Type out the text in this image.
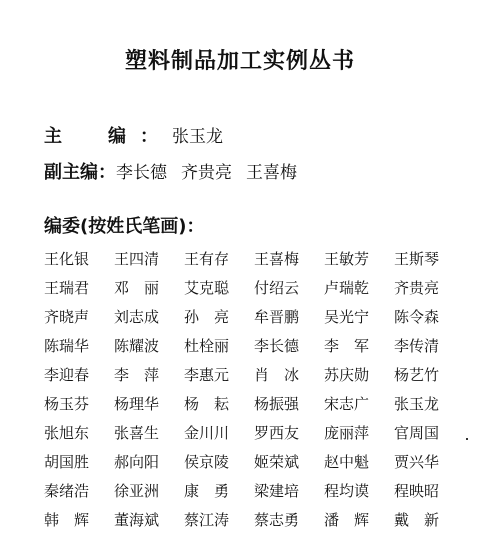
塑料制品加工实例丛书
主　编：张玉龙
副主编：李长德 齐贵亮 王喜梅
编委(按姓氏笔画)：
王化银	王四清	王有存	王喜梅	王敏芳	王斯琴
王瑞君	邓　丽	艾克聪	付绍云	卢瑞乾	齐贵亮
齐晓声	刘志成	孙　亮	牟晋鹏	吴光宁	陈令森
陈瑞华	陈耀波	杜栓丽	李长德	李　军	李传清
李迎春	李　萍	李惠元	肖　冰	苏庆勋	杨艺竹
杨玉芬	杨理华	杨　耘	杨振强	宋志广	张玉龙
张旭东	张喜生	金川川	罗西友	庞丽萍	官周国
胡国胜	郝向阳	侯京陵	姬荣斌	赵中魁	贾兴华
秦绪浩	徐亚洲	康　勇	梁建培	程均谟	程映昭
韩　辉	董海斌	蔡江涛	蔡志勇	潘　辉	戴　新
